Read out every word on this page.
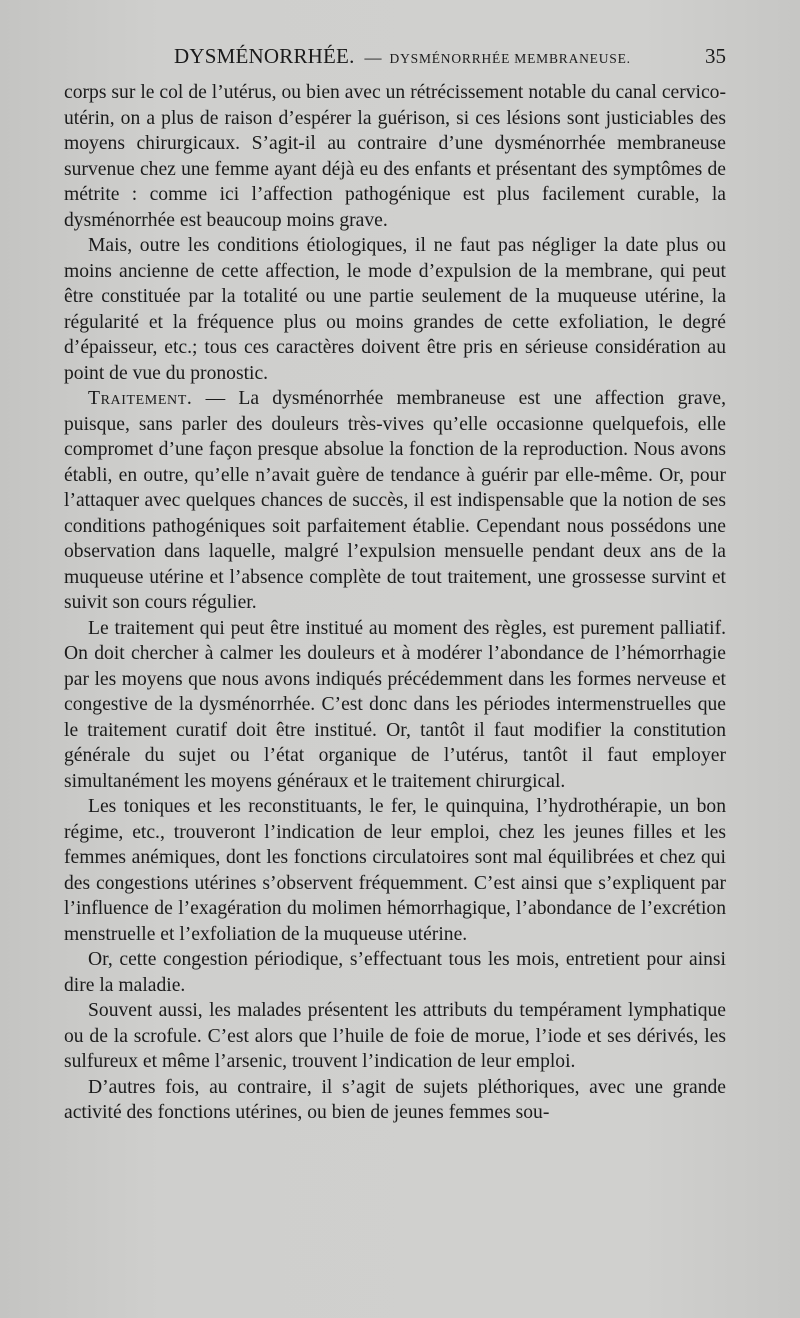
DYSMÉNORRHÉE. — DYSMÉNORRHÉE MEMBRANEUSE.	35

corps sur le col de l’utérus, ou bien avec un rétrécissement notable du canal cervico-utérin, on a plus de raison d’espérer la guérison, si ces lésions sont justiciables des moyens chirurgicaux. S’agit-il au contraire d’une dysménorrhée membraneuse survenue chez une femme ayant déjà eu des enfants et présentant des symptômes de métrite : comme ici l’affection pathogénique est plus facilement curable, la dysménorrhée est beaucoup moins grave.

Mais, outre les conditions étiologiques, il ne faut pas négliger la date plus ou moins ancienne de cette affection, le mode d’expulsion de la membrane, qui peut être constituée par la totalité ou une partie seulement de la muqueuse utérine, la régularité et la fréquence plus ou moins grandes de cette exfoliation, le degré d’épaisseur, etc.; tous ces caractères doivent être pris en sérieuse considération au point de vue du pronostic.

Traitement. — La dysménorrhée membraneuse est une affection grave, puisque, sans parler des douleurs très-vives qu’elle occasionne quelquefois, elle compromet d’une façon presque absolue la fonction de la reproduction. Nous avons établi, en outre, qu’elle n’avait guère de tendance à guérir par elle-même. Or, pour l’attaquer avec quelques chances de succès, il est indispensable que la notion de ses conditions pathogéniques soit parfaitement établie. Cependant nous possédons une observation dans laquelle, malgré l’expulsion mensuelle pendant deux ans de la muqueuse utérine et l’absence complète de tout traitement, une grossesse survint et suivit son cours régulier.

Le traitement qui peut être institué au moment des règles, est purement palliatif. On doit chercher à calmer les douleurs et à modérer l’abondance de l’hémorrhagie par les moyens que nous avons indiqués précédemment dans les formes nerveuse et congestive de la dysménorrhée. C’est donc dans les périodes intermenstruelles que le traitement curatif doit être institué. Or, tantôt il faut modifier la constitution générale du sujet ou l’état organique de l’utérus, tantôt il faut employer simultanément les moyens généraux et le traitement chirurgical.

Les toniques et les reconstituants, le fer, le quinquina, l’hydrothérapie, un bon régime, etc., trouveront l’indication de leur emploi, chez les jeunes filles et les femmes anémiques, dont les fonctions circulatoires sont mal équilibrées et chez qui des congestions utérines s’observent fréquemment. C’est ainsi que s’expliquent par l’influence de l’exagération du molimen hémorrhagique, l’abondance de l’excrétion menstruelle et l’exfoliation de la muqueuse utérine.

Or, cette congestion périodique, s’effectuant tous les mois, entretient pour ainsi dire la maladie.

Souvent aussi, les malades présentent les attributs du tempérament lymphatique ou de la scrofule. C’est alors que l’huile de foie de morue, l’iode et ses dérivés, les sulfureux et même l’arsenic, trouvent l’indication de leur emploi.

D’autres fois, au contraire, il s’agit de sujets pléthoriques, avec une grande activité des fonctions utérines, ou bien de jeunes femmes sou-
